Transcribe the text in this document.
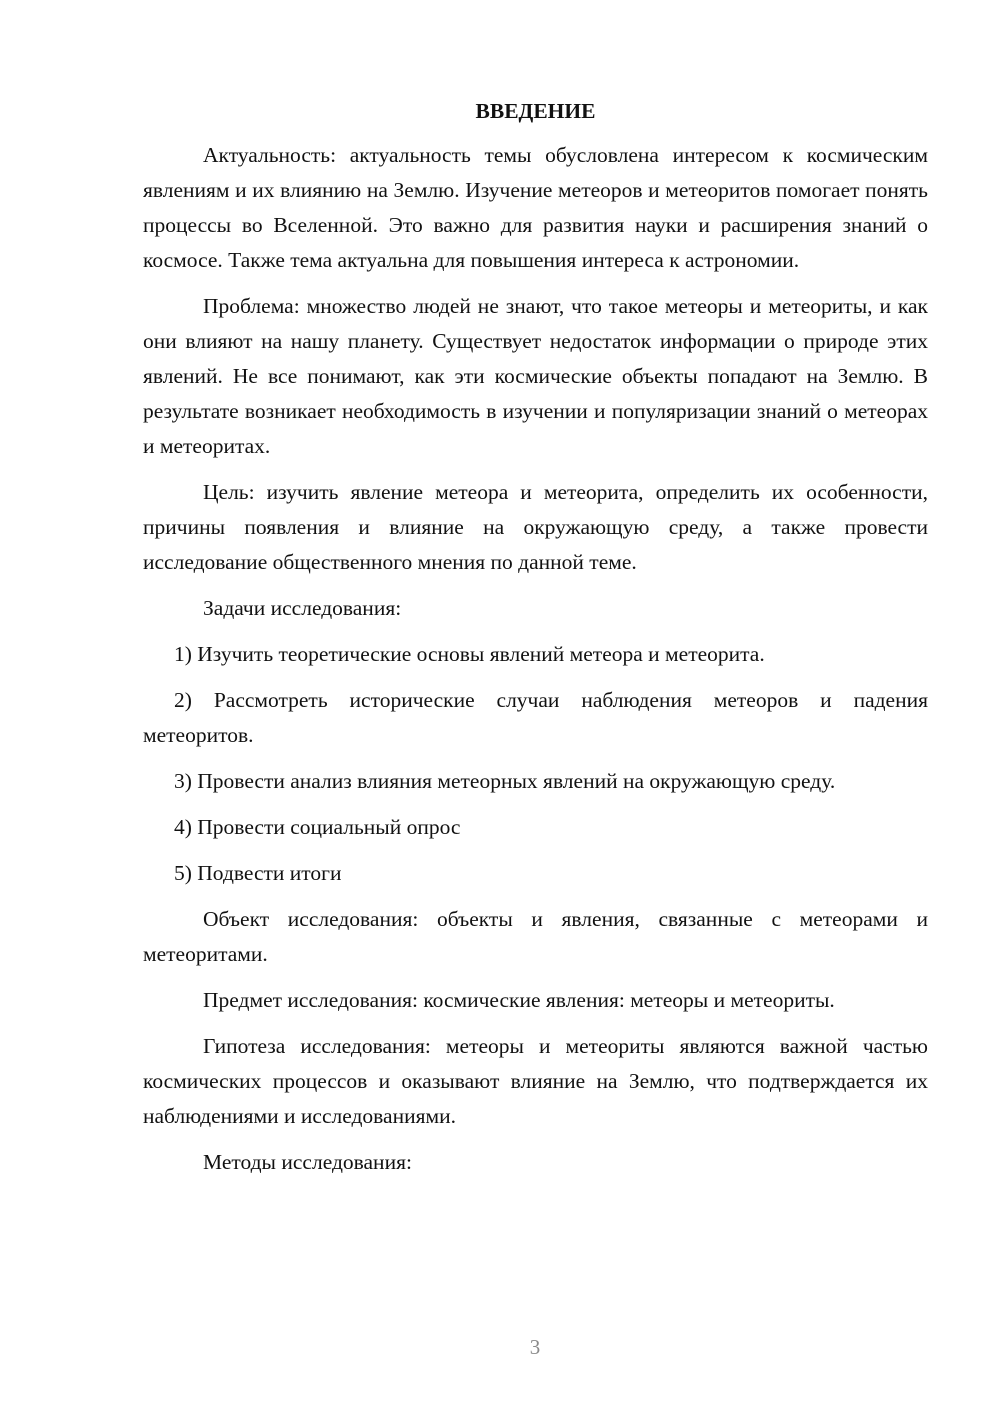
ВВЕДЕНИЕ

Актуальность: актуальность темы обусловлена интересом к космическим явлениям и их влиянию на Землю. Изучение метеоров и метеоритов помогает понять процессы во Вселенной. Это важно для развития науки и расширения знаний о космосе. Также тема актуальна для повышения интереса к астрономии.

Проблема: множество людей не знают, что такое метеоры и метеориты, и как они влияют на нашу планету. Существует недостаток информации о природе этих явлений. Не все понимают, как эти космические объекты попадают на Землю. В результате возникает необходимость в изучении и популяризации знаний о метеорах и метеоритах.

Цель: изучить явление метеора и метеорита, определить их особенности, причины появления и влияние на окружающую среду, а также провести исследование общественного мнения по данной теме.

Задачи исследования:

1) Изучить теоретические основы явлений метеора и метеорита.

2) Рассмотреть исторические случаи наблюдения метеоров и падения метеоритов.

3) Провести анализ влияния метеорных явлений на окружающую среду.

4) Провести социальный опрос

5) Подвести итоги

Объект исследования: объекты и явления, связанные с метеорами и метеоритами.

Предмет исследования: космические явления: метеоры и метеориты.

Гипотеза исследования: метеоры и метеориты являются важной частью космических процессов и оказывают влияние на Землю, что подтверждается их наблюдениями и исследованиями.

Методы исследования:

3
